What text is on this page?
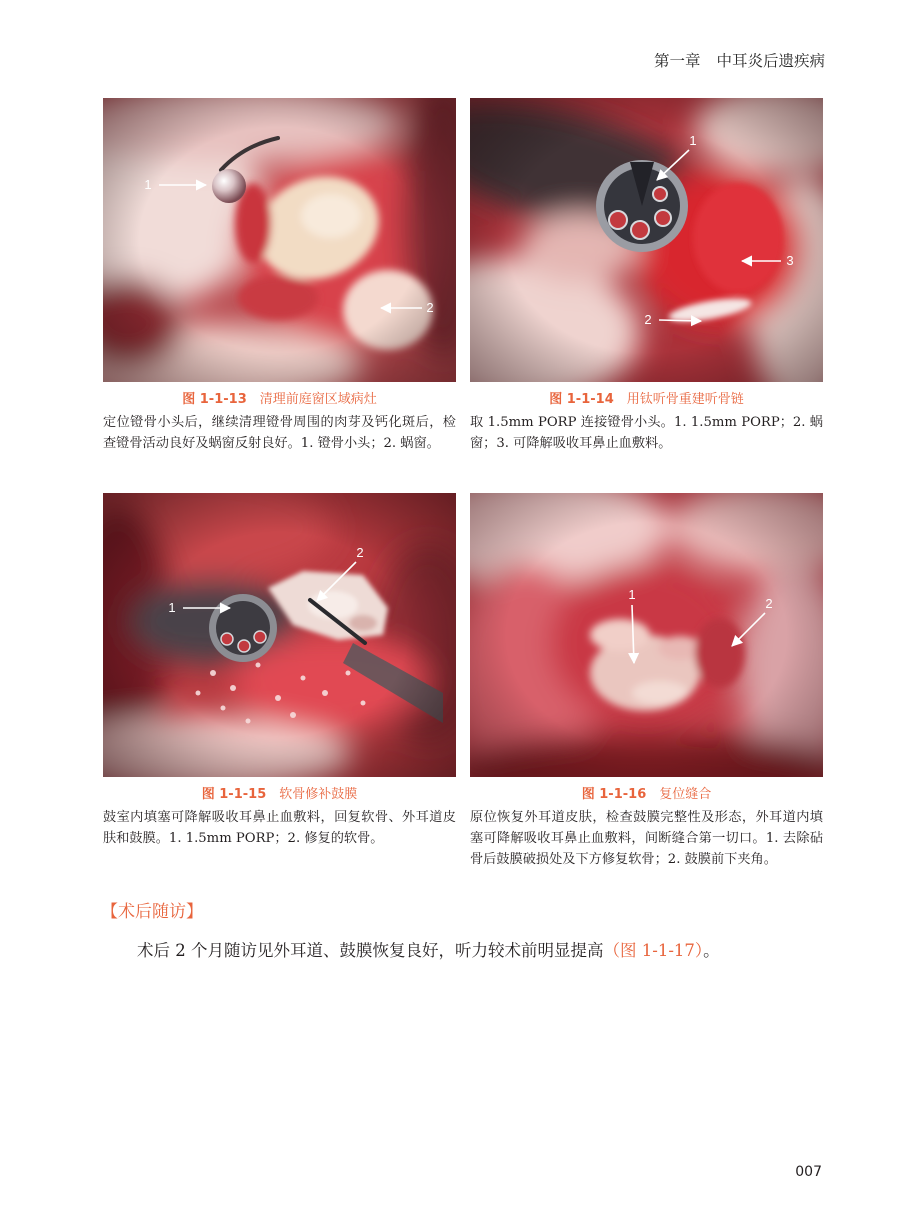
第一章 中耳炎后遗疾病
1
2
图 1-1-13 清理前庭窗区域病灶

定位镫骨小头后，继续清理镫骨周围的肉芽及钙化斑后，检查镫骨活动良好及蜗窗反射良好。1. 镫骨小头；2. 蜗窗。

1
3
2
图 1-1-14 用钛听骨重建听骨链

取 1.5mm PORP 连接镫骨小头。1. 1.5mm PORP；2. 蜗窗；3. 可降解吸收耳鼻止血敷料。

1
2
图 1-1-15 软骨修补鼓膜

鼓室内填塞可降解吸收耳鼻止血敷料，回复软骨、外耳道皮肤和鼓膜。1. 1.5mm PORP；2. 修复的软骨。

1
2
图 1-1-16 复位缝合

原位恢复外耳道皮肤，检查鼓膜完整性及形态，外耳道内填塞可降解吸收耳鼻止血敷料，间断缝合第一切口。1. 去除砧骨后鼓膜破损处及下方修复软骨；2. 鼓膜前下夹角。

【术后随访】

术后 2 个月随访见外耳道、鼓膜恢复良好，听力较术前明显提高（图 1-1-17）。

007
